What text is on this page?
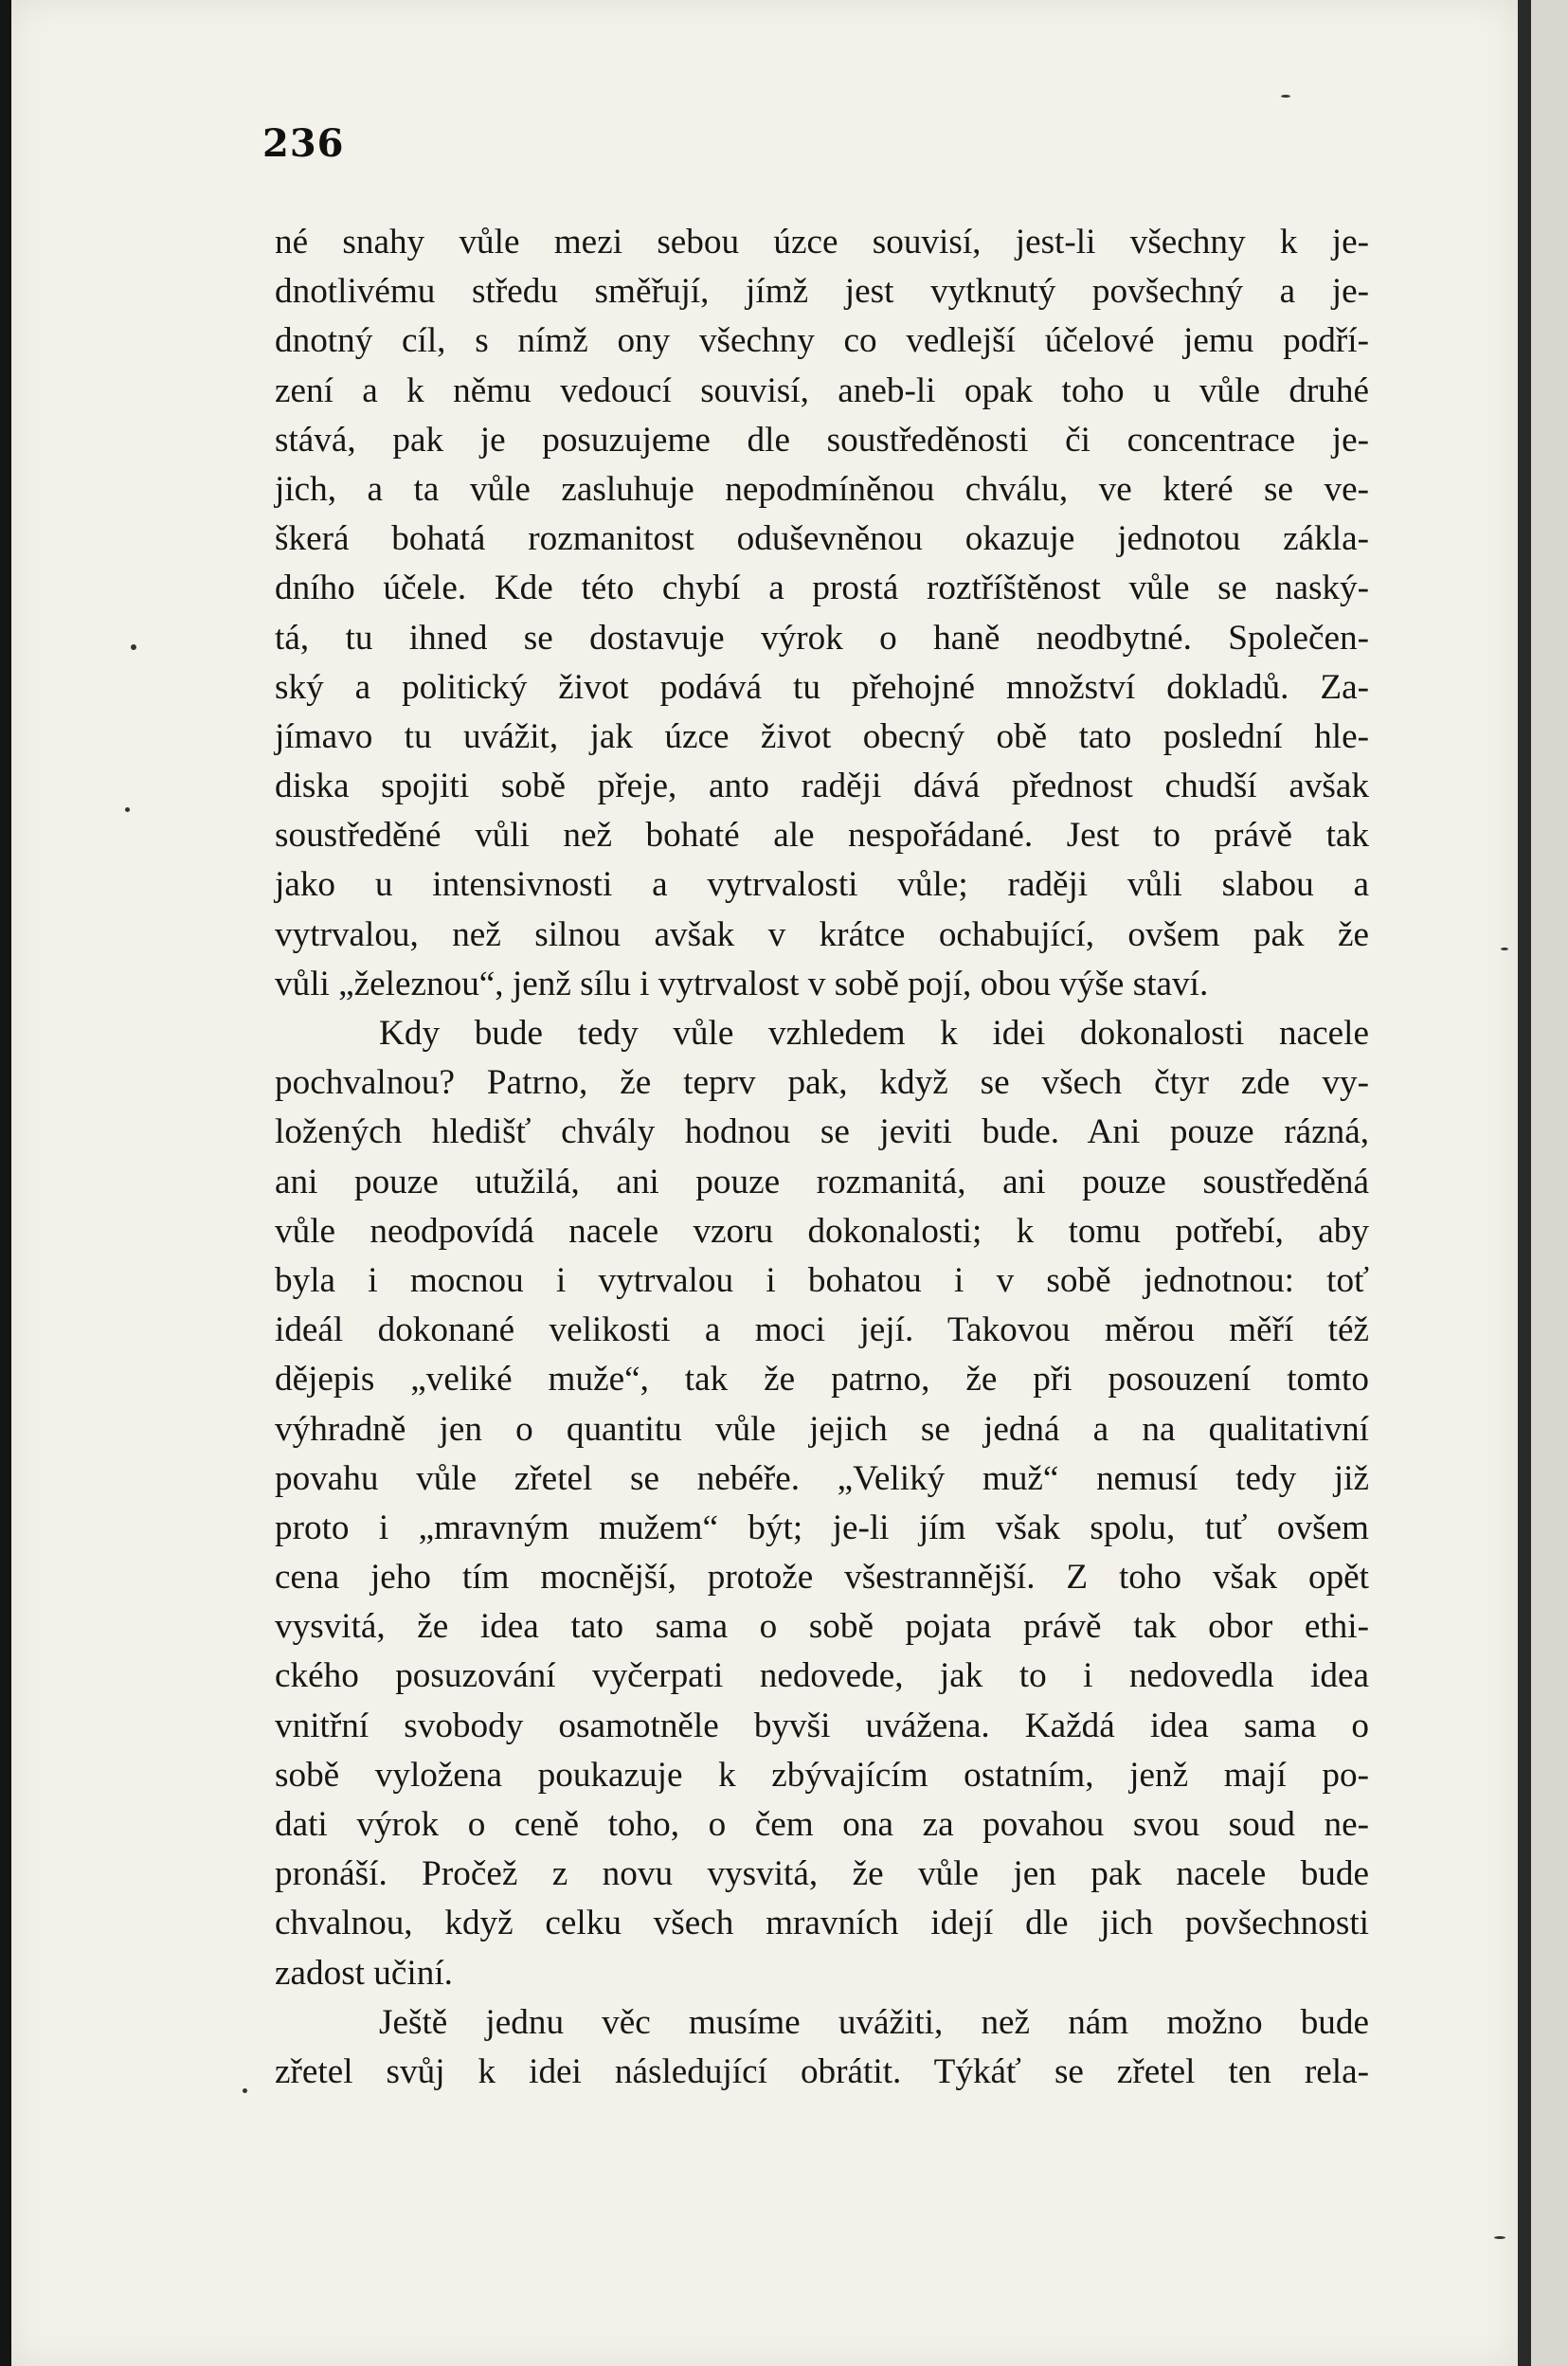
236
né snahy vůle mezi sebou úzce souvisí, jest-li všechny k je-
dnotlivému středu směřují, jímž jest vytknutý povšechný a je-
dnotný cíl, s nímž ony všechny co vedlejší účelové jemu podří-
zení a k němu vedoucí souvisí, aneb-li opak toho u vůle druhé
stává, pak je posuzujeme dle soustředěnosti či concentrace je-
jich, a ta vůle zasluhuje nepodmíněnou chválu, ve které se ve-
škerá bohatá rozmanitost oduševněnou okazuje jednotou zákla-
dního účele. Kde této chybí a prostá roztříštěnost vůle se naský-
tá, tu ihned se dostavuje výrok o haně neodbytné. Společen-
ský a politický život podává tu přehojné množství dokladů. Za-
jímavo tu uvážit, jak úzce život obecný obě tato poslední hle-
diska spojiti sobě přeje, anto raději dává přednost chudší avšak
soustředěné vůli než bohaté ale nespořádané. Jest to právě tak
jako u intensivnosti a vytrvalosti vůle; raději vůli slabou a
vytrvalou, než silnou avšak v krátce ochabující, ovšem pak že
vůli „železnou“, jenž sílu i vytrvalost v sobě pojí, obou výše staví.
Kdy bude tedy vůle vzhledem k idei dokonalosti nacele
pochvalnou? Patrno, že teprv pak, když se všech čtyr zde vy-
ložených hledišť chvály hodnou se jeviti bude. Ani pouze rázná,
ani pouze utužilá, ani pouze rozmanitá, ani pouze soustředěná
vůle neodpovídá nacele vzoru dokonalosti; k tomu potřebí, aby
byla i mocnou i vytrvalou i bohatou i v sobě jednotnou: toť
ideál dokonané velikosti a moci její. Takovou měrou měří též
dějepis „veliké muže“, tak že patrno, že při posouzení tomto
výhradně jen o quantitu vůle jejich se jedná a na qualitativní
povahu vůle zřetel se nebéře. „Veliký muž“ nemusí tedy již
proto i „mravným mužem“ být; je-li jím však spolu, tuť ovšem
cena jeho tím mocnější, protože všestrannější. Z toho však opět
vysvitá, že idea tato sama o sobě pojata právě tak obor ethi-
ckého posuzování vyčerpati nedovede, jak to i nedovedla idea
vnitřní svobody osamotněle byvši uvážena. Každá idea sama o
sobě vyložena poukazuje k zbývajícím ostatním, jenž mají po-
dati výrok o ceně toho, o čem ona za povahou svou soud ne-
pronáší. Pročež z novu vysvitá, že vůle jen pak nacele bude
chvalnou, když celku všech mravních idejí dle jich povšechnosti
zadost učiní.
Ještě jednu věc musíme uvážiti, než nám možno bude
zřetel svůj k idei následující obrátit. Týkáť se zřetel ten rela-
